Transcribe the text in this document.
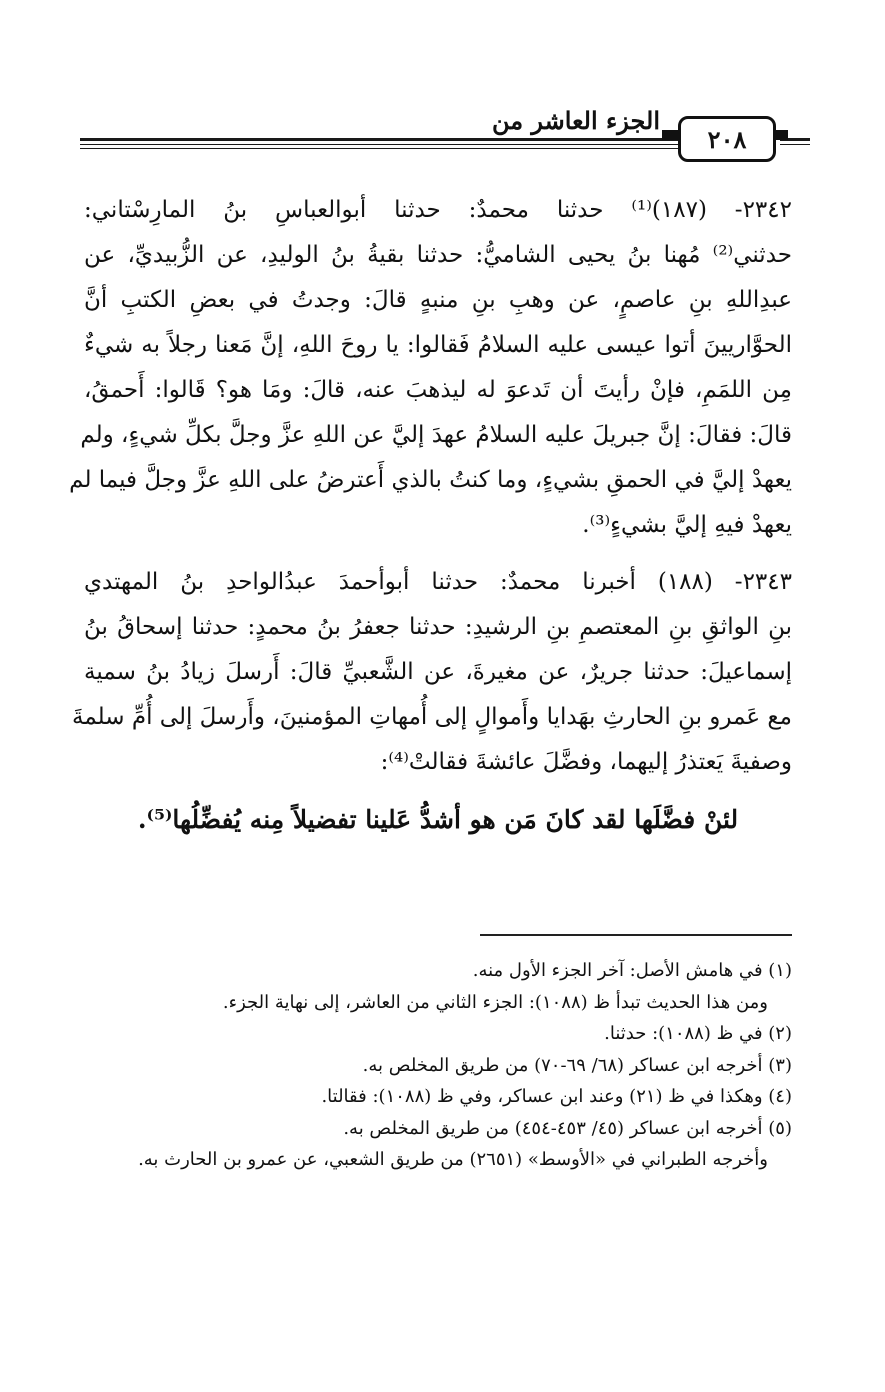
الجزء العاشر من
٢٠٨
٢٣٤٢- (١٨٧)⁽¹⁾ حدثنا محمدٌ: حدثنا أبوالعباسِ بنُ المارِسْتاني:
حدثني⁽²⁾ مُهنا بنُ يحيى الشاميُّ: حدثنا بقيةُ بنُ الوليدِ، عن الزُّبيديِّ، عن
عبدِاللهِ بنِ عاصمٍ، عن وهبِ بنِ منبهٍ قالَ: وجدتُ في بعضِ الكتبِ أنَّ
الحوَّاريينَ أتوا عيسى عليه السلامُ فَقالوا: يا روحَ اللهِ، إنَّ مَعنا رجلاً به شيءٌ
مِن اللمَمِ، فإنْ رأيتَ أن تَدعوَ له ليذهبَ عنه، قالَ: ومَا هو؟ قَالوا: أَحمقُ،
قالَ: فقالَ: إنَّ جبريلَ عليه السلامُ عهدَ إليَّ عن اللهِ عزَّ وجلَّ بكلِّ شيءٍ، ولم
يعهدْ إليَّ في الحمقِ بشيءٍ، وما كنتُ بالذي أَعترضُ على اللهِ عزَّ وجلَّ فيما لم
يعهدْ فيهِ إليَّ بشيءٍ⁽³⁾.
٢٣٤٣- (١٨٨) أخبرنا محمدٌ: حدثنا أبوأحمدَ عبدُالواحدِ بنُ المهتدي
بنِ الواثقِ بنِ المعتصمِ بنِ الرشيدِ: حدثنا جعفرُ بنُ محمدٍ: حدثنا إسحاقُ بنُ
إسماعيلَ: حدثنا جريرٌ، عن مغيرةَ، عن الشَّعبيِّ قالَ: أَرسلَ زيادُ بنُ سمية
مع عَمرو بنِ الحارثِ بهَدايا وأَموالٍ إلى أُمهاتِ المؤمنينَ، وأَرسلَ إلى أُمِّ سلمةَ
وصفيةَ يَعتذرُ إليهما، وفضَّلَ عائشةَ فقالتْ⁽⁴⁾:
لئنْ فضَّلَها لقد كانَ مَن هو أشدُّ عَلينا تفضيلاً مِنه يُفضِّلُها⁽⁵⁾.

(١) في هامش الأصل: آخر الجزء الأول منه.

ومن هذا الحديث تبدأ ظ (١٠٨٨): الجزء الثاني من العاشر، إلى نهاية الجزء.

(٢) في ظ (١٠٨٨): حدثنا.

(٣) أخرجه ابن عساكر (٦٨/ ٦٩-٧٠) من طريق المخلص به.

(٤) وهكذا في ظ (٢١) وعند ابن عساكر، وفي ظ (١٠٨٨): فقالتا.

(٥) أخرجه ابن عساكر (٤٥/ ٤٥٣-٤٥٤) من طريق المخلص به.

وأخرجه الطبراني في «الأوسط» (٢٦٥١) من طريق الشعبي، عن عمرو بن الحارث به.
